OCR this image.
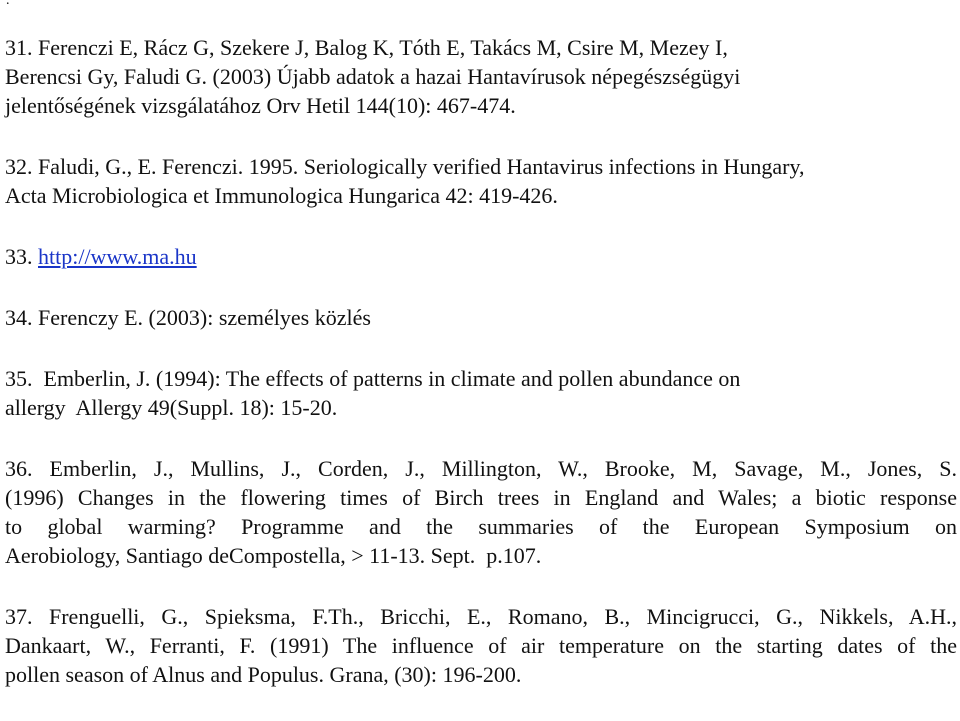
.
31. Ferenczi E, Rácz G, Szekere J, Balog K, Tóth E, Takács M, Csire M, Mezey I,
Berencsi Gy, Faludi G. (2003) Újabb adatok a hazai Hantavírusok népegészségügyi
jelentőségének vizsgálatához Orv Hetil 144(10): 467-474.
32. Faludi, G., E. Ferenczi. 1995. Seriologically verified Hantavirus infections in Hungary,
Acta Microbiologica et Immunologica Hungarica 42: 419-426.
33. http://www.ma.hu
34. Ferenczy E. (2003): személyes közlés
35.  Emberlin, J. (1994): The effects of patterns in climate and pollen abundance on
allergy  Allergy 49(Suppl. 18): 15-20.
36. Emberlin, J., Mullins, J., Corden, J., Millington, W., Brooke, M, Savage, M., Jones, S.
(1996) Changes in the flowering times of Birch trees in England and Wales; a biotic response
to global warming? Programme and the summaries of the European Symposium on
Aerobiology, Santiago deCompostella, > 11-13. Sept.  p.107.
37. Frenguelli, G., Spieksma, F.Th., Bricchi, E., Romano, B., Mincigrucci, G., Nikkels, A.H.,
Dankaart, W., Ferranti, F. (1991) The influence of air temperature on the starting dates of the
pollen season of Alnus and Populus. Grana, (30): 196-200.
